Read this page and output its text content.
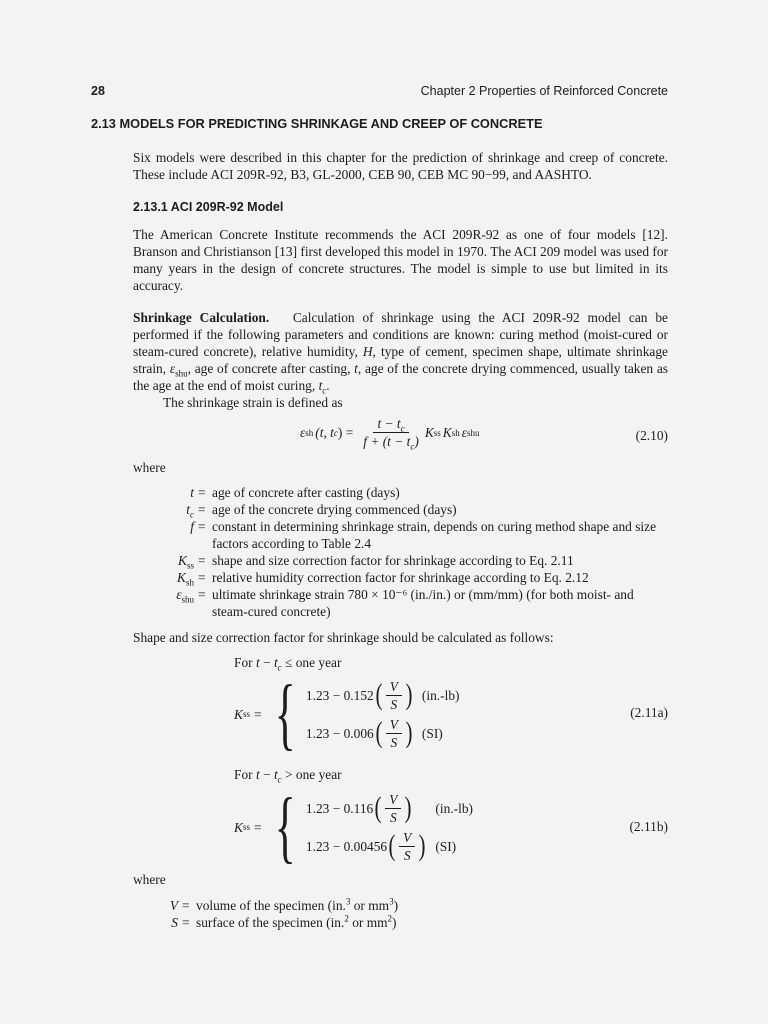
28	Chapter 2 Properties of Reinforced Concrete
2.13 MODELS FOR PREDICTING SHRINKAGE AND CREEP OF CONCRETE

Six models were described in this chapter for the prediction of shrinkage and creep of concrete. These include ACI 209R-92, B3, GL-2000, CEB 90, CEB MC 90−99, and AASHTO.

2.13.1 ACI 209R-92 Model

The American Concrete Institute recommends the ACI 209R-92 as one of four models [12]. Branson and Christianson [13] first developed this model in 1970. The ACI 209 model was used for many years in the design of concrete structures. The model is simple to use but limited in its accuracy.

Shrinkage Calculation. Calculation of shrinkage using the ACI 209R-92 model can be performed if the following parameters and conditions are known: curing method (moist-cured or steam-cured concrete), relative humidity, H, type of cement, specimen shape, ultimate shrinkage strain, $\varepsilon_{shu}$, age of concrete after casting, t, age of the concrete drying commenced, usually taken as the age at the end of moist curing, $t_c$.

The shrinkage strain is defined as

ε sh (t, t c ) = $\frac{t - t_c}{f + (t - t_c)}$ K ss K sh ε shu	(2.10)
where
t = age of concrete after casting (days)
$t_c$ = age of the concrete drying commenced (days)
f = constant in determining shrinkage strain, depends on curing method shape and size factors according to Table 2.4
$K_{ss}$ = shape and size correction factor for shrinkage according to Eq. 2.11
$K_{sh}$ = relative humidity correction factor for shrinkage according to Eq. 2.12
$\varepsilon_{shu}$ = ultimate shrinkage strain 780 × 10⁻⁶ (in./in.) or (mm/mm) (for both moist- and steam-cured concrete)
Shape and size correction factor for shrinkage should be calculated as follows:
For $t - t_c$ ≤ one year
K ss = { 1.23 − 0.152 ( $\frac{V}{S}$ ) (in.-lb)
1.23 − 0.006 ( $\frac{V}{S}$ ) (SI)
(2.11a)
For $t - t_c$ > one year
K ss = { 1.23 − 0.116 ( $\frac{V}{S}$ ) (in.-lb)
1.23 − 0.00456 ( $\frac{V}{S}$ ) (SI)
(2.11b)
where
V = volume of the specimen (in.$^3$ or $mm^3$)
S = surface of the specimen (in.$^2$ or $mm^2$)
